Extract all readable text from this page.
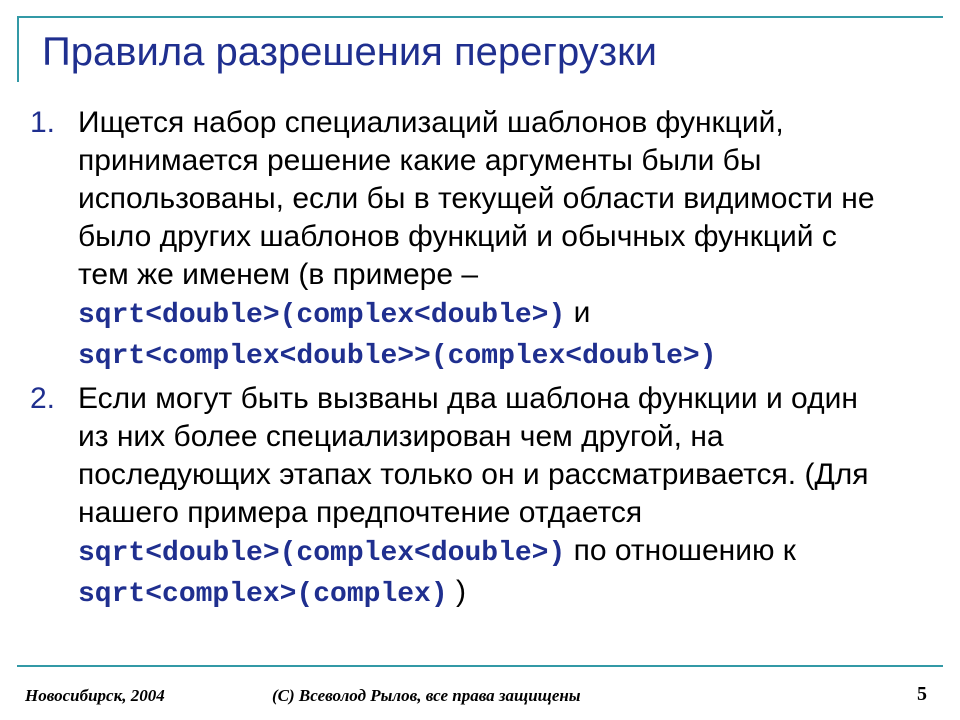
Правила разрешения перегрузки
1. Ищется набор специализаций шаблонов функций,
принимается решение какие аргументы были бы
использованы, если бы в текущей области видимости не
было других шаблонов функций и обычных функций с
тем же именем (в примере –
sqrt<double>(complex<double>) и
sqrt<complex<double>>(complex<double>)
2. Если могут быть вызваны два шаблона функции и один
из них более специализирован чем другой, на
последующих этапах только он и рассматривается. (Для
нашего примера предпочтение отдается
sqrt<double>(complex<double>) по отношению к
sqrt<complex>(complex) )
Новосибирск, 2004	(C) Всеволод Рылов, все права защищены	5
